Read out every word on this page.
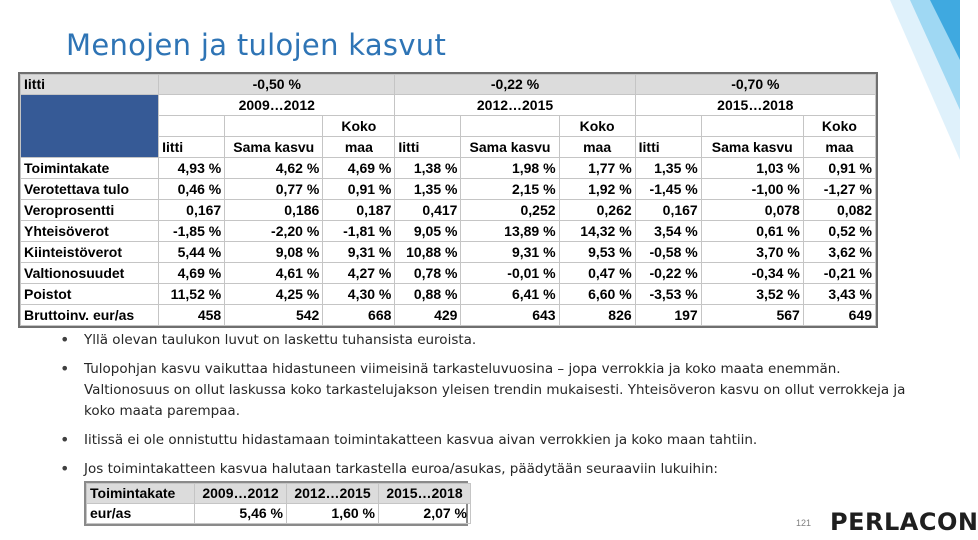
Menojen ja tulojen kasvut
Iitti	-0,50 %			-0,22 %			-0,70 %		
	2009…2012			2012…2015			2015…2018		
			Koko			Koko			Koko
	Iitti	Sama kasvu	maa	Iitti	Sama kasvu	maa	Iitti	Sama kasvu	maa
Toimintakate	4,93 %	4,62 %	4,69 %	1,38 %	1,98 %	1,77 %	1,35 %	1,03 %	0,91 %
Verotettava tulo	0,46 %	0,77 %	0,91 %	1,35 %	2,15 %	1,92 %	-1,45 %	-1,00 %	-1,27 %
Veroprosentti	0,167	0,186	0,187	0,417	0,252	0,262	0,167	0,078	0,082
Yhteisöverot	-1,85 %	-2,20 %	-1,81 %	9,05 %	13,89 %	14,32 %	3,54 %	0,61 %	0,52 %
Kiinteistöverot	5,44 %	9,08 %	9,31 %	10,88 %	9,31 %	9,53 %	-0,58 %	3,70 %	3,62 %
Valtionosuudet	4,69 %	4,61 %	4,27 %	0,78 %	-0,01 %	0,47 %	-0,22 %	-0,34 %	-0,21 %
Poistot	11,52 %	4,25 %	4,30 %	0,88 %	6,41 %	6,60 %	-3,53 %	3,52 %	3,43 %
Bruttoinv. eur/as	458	542	668	429	643	826	197	567	649
• Yllä olevan taulukon luvut on laskettu tuhansista euroista.
• Tulopohjan kasvu vaikuttaa hidastuneen viimeisinä tarkasteluvuosina – jopa verrokkia ja koko maata enemmän. Valtionosuus on ollut laskussa koko tarkastelujakson yleisen trendin mukaisesti. Yhteisöveron kasvu on ollut verrokkeja ja koko maata parempaa.
• Iitissä ei ole onnistuttu hidastamaan toimintakatteen kasvua aivan verrokkien ja koko maan tahtiin.
• Jos toimintakatteen kasvua halutaan tarkastella euroa/asukas, päädytään seuraaviin lukuihin:
Toimintakate	2009…2012	2012…2015	2015…2018
eur/as	5,46 %	1,60 %	2,07 %
121 PERLACON
